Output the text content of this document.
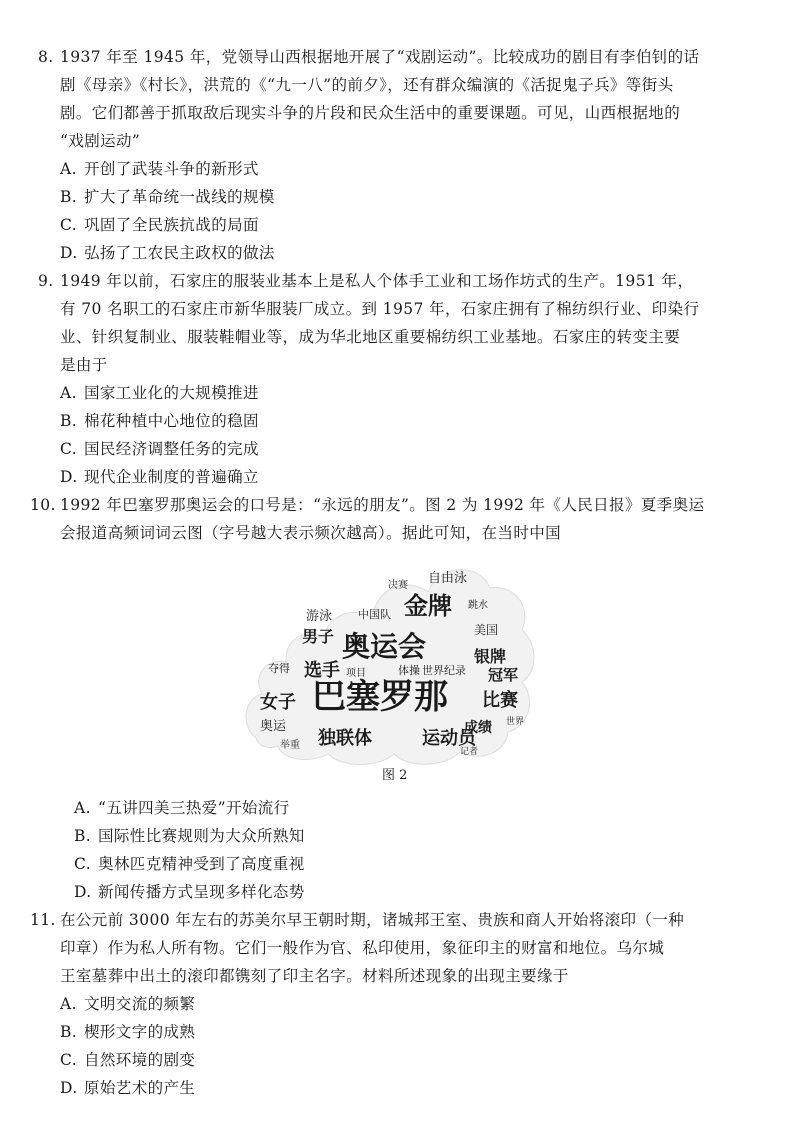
8. 1937 年至 1945 年，党领导山西根据地开展了“戏剧运动”。比较成功的剧目有李伯钊的话
剧《母亲》《村长》，洪荒的《“九一八”的前夕》，还有群众编演的《活捉鬼子兵》等街头
剧。它们都善于抓取敌后现实斗争的片段和民众生活中的重要课题。可见，山西根据地的
“戏剧运动”
A. 开创了武装斗争的新形式
B. 扩大了革命统一战线的规模
C. 巩固了全民族抗战的局面
D. 弘扬了工农民主政权的做法
9. 1949 年以前，石家庄的服装业基本上是私人个体手工业和工场作坊式的生产。1951 年，
有 70 名职工的石家庄市新华服装厂成立。到 1957 年，石家庄拥有了棉纺织行业、印染行
业、针织复制业、服装鞋帽业等，成为华北地区重要棉纺织工业基地。石家庄的转变主要
是由于
A. 国家工业化的大规模推进
B. 棉花种植中心地位的稳固
C. 国民经济调整任务的完成
D. 现代企业制度的普遍确立
10. 1992 年巴塞罗那奥运会的口号是：“永远的朋友”。图 2 为 1992 年《人民日报》夏季奥运
会报道高频词词云图（字号越大表示频次越高）。据此可知，在当时中国
巴塞罗那
奥运会
金牌
运动员
独联体
比赛
选手
女子
男子
银牌
冠军
成绩
中国队
美国
自由泳
游泳
世界纪录
体操
项目
奥运	世界
夺得
决赛
跳水
举重
记者
图 2
A. “五讲四美三热爱”开始流行
B. 国际性比赛规则为大众所熟知
C. 奥林匹克精神受到了高度重视
D. 新闻传播方式呈现多样化态势
11. 在公元前 3000 年左右的苏美尔早王朝时期，诸城邦王室、贵族和商人开始将滚印（一种
印章）作为私人所有物。它们一般作为官、私印使用，象征印主的财富和地位。乌尔城
王室墓葬中出土的滚印都镌刻了印主名字。材料所述现象的出现主要缘于
A. 文明交流的频繁
B. 楔形文字的成熟
C. 自然环境的剧变
D. 原始艺术的产生
